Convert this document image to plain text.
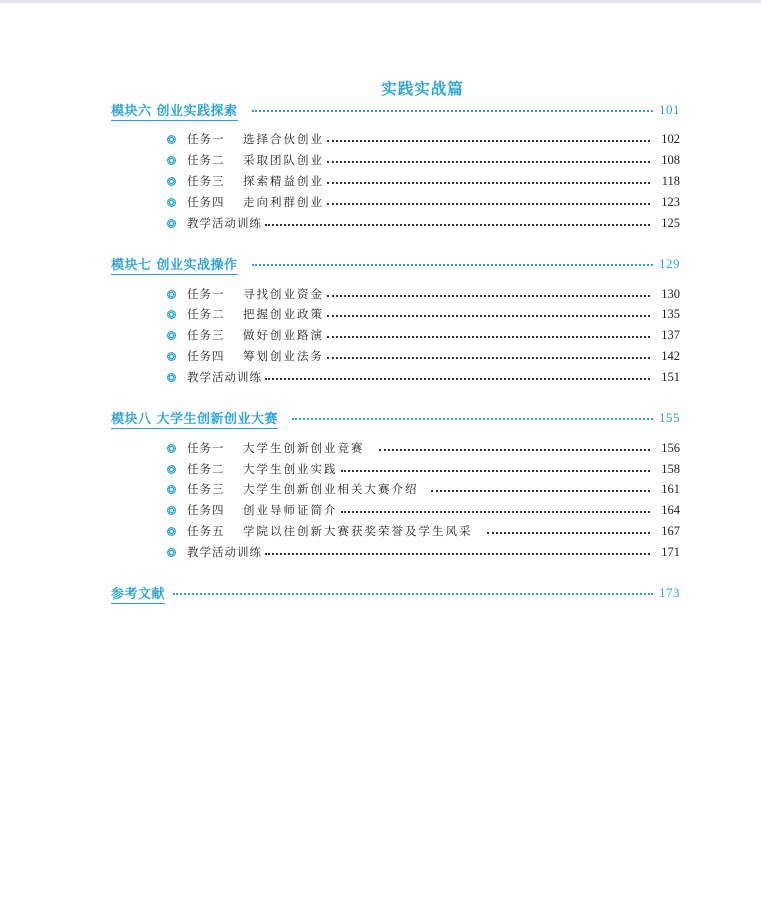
实践实战篇
模块六 创业实践探索	101
任务一	选择合伙创业	102
任务二	采取团队创业	108
任务三	探索精益创业	118
任务四	走向利群创业	123
教学活动训练	125
模块七 创业实战操作	129
任务一	寻找创业资金	130
任务二	把握创业政策	135
任务三	做好创业路演	137
任务四	筹划创业法务	142
教学活动训练	151
模块八 大学生创新创业大赛	155
任务一	大学生创新创业竞赛	156
任务二	大学生创业实践	158
任务三	大学生创新创业相关大赛介绍	161
任务四	创业导师证简介	164
任务五	学院以往创新大赛获奖荣誉及学生风采	167
教学活动训练	171
参考文献	173
